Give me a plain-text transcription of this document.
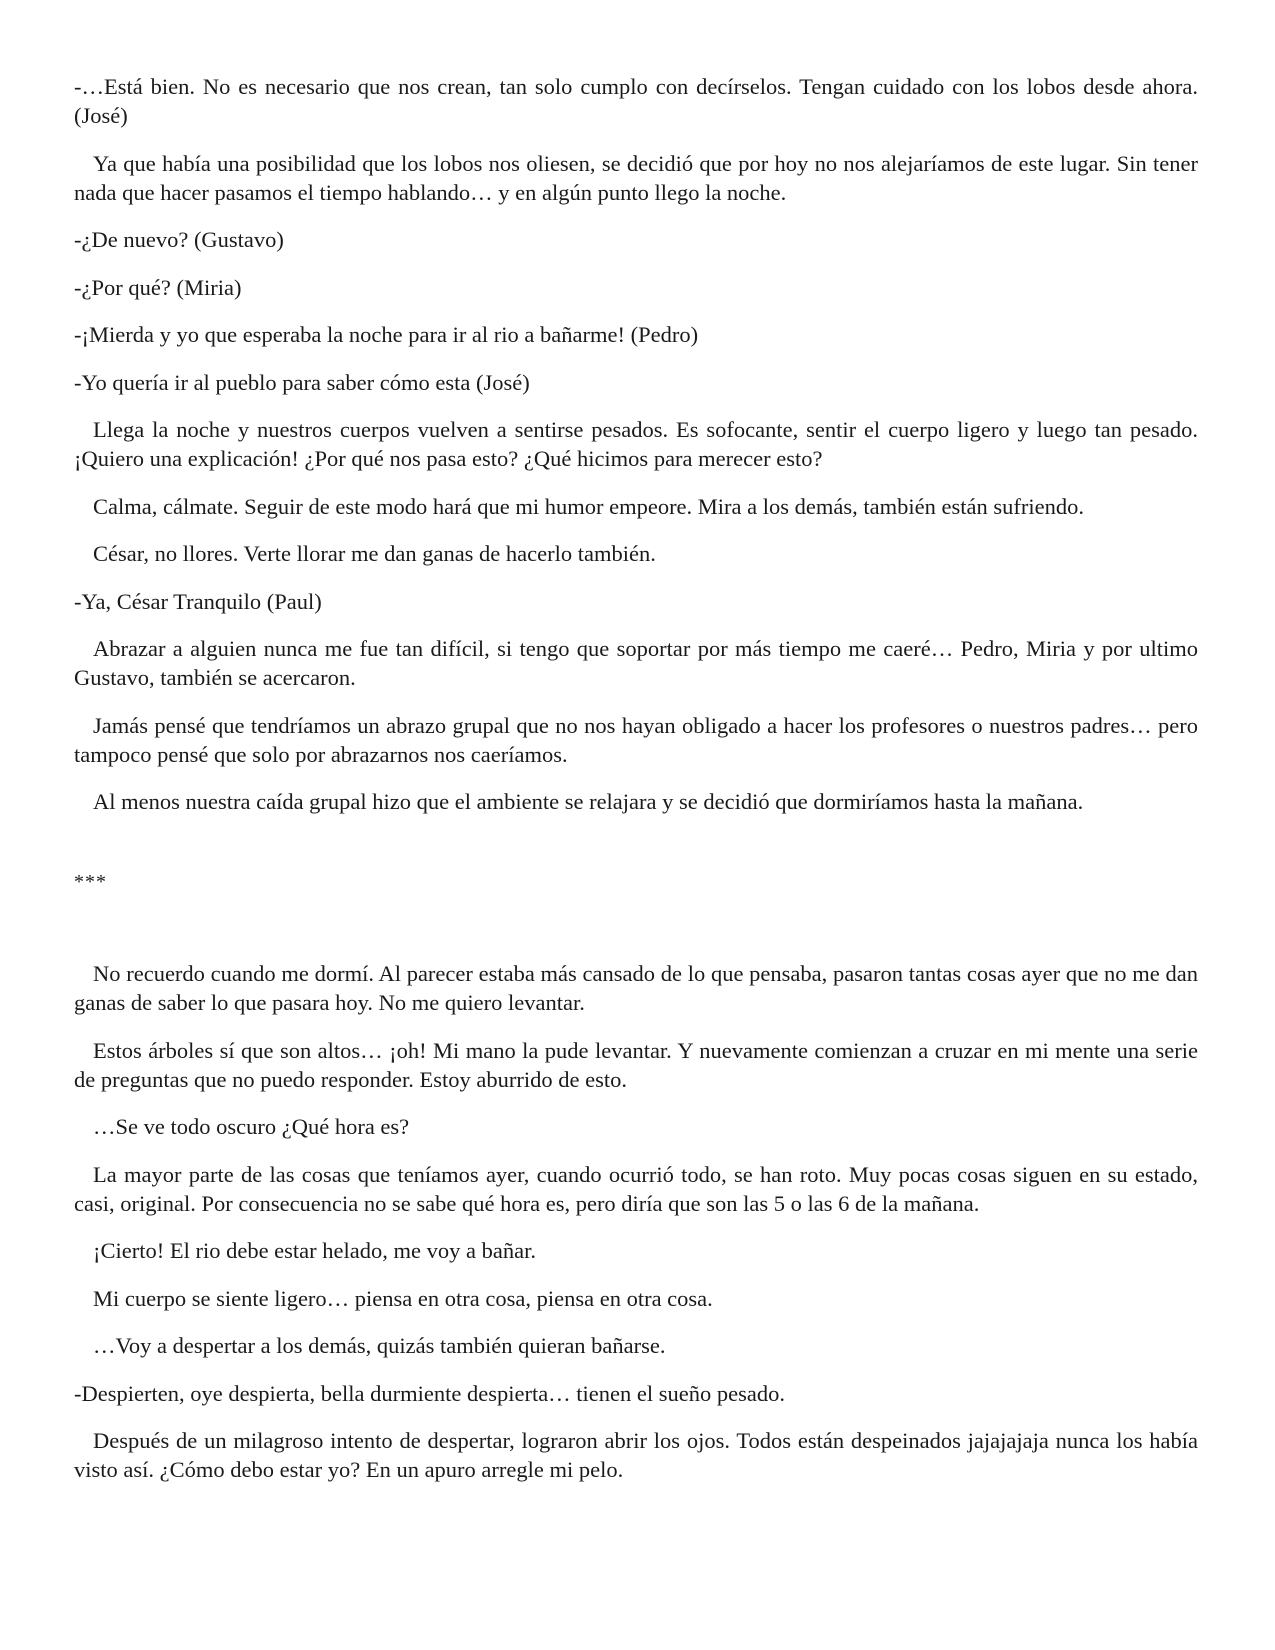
-…Está bien. No es necesario que nos crean, tan solo cumplo con decírselos. Tengan cuidado con los lobos desde ahora. (José)

Ya que había una posibilidad que los lobos nos oliesen, se decidió que por hoy no nos alejaríamos de este lugar. Sin tener nada que hacer pasamos el tiempo hablando… y en algún punto llego la noche.

-¿De nuevo? (Gustavo)

-¿Por qué? (Miria)

-¡Mierda y yo que esperaba la noche para ir al rio a bañarme! (Pedro)

-Yo quería ir al pueblo para saber cómo esta (José)

Llega la noche y nuestros cuerpos vuelven a sentirse pesados. Es sofocante, sentir el cuerpo ligero y luego tan pesado. ¡Quiero una explicación! ¿Por qué nos pasa esto? ¿Qué hicimos para merecer esto?

Calma, cálmate. Seguir de este modo hará que mi humor empeore. Mira a los demás, también están sufriendo.

César, no llores. Verte llorar me dan ganas de hacerlo también.

-Ya, César Tranquilo (Paul)

Abrazar a alguien nunca me fue tan difícil, si tengo que soportar por más tiempo me caeré… Pedro, Miria y por ultimo Gustavo, también se acercaron.

Jamás pensé que tendríamos un abrazo grupal que no nos hayan obligado a hacer los profesores o nuestros padres… pero tampoco pensé que solo por abrazarnos nos caeríamos.

Al menos nuestra caída grupal hizo que el ambiente se relajara y se decidió que dormiríamos hasta la mañana.

***

No recuerdo cuando me dormí. Al parecer estaba más cansado de lo que pensaba, pasaron tantas cosas ayer que no me dan ganas de saber lo que pasara hoy. No me quiero levantar.

Estos árboles sí que son altos… ¡oh! Mi mano la pude levantar. Y nuevamente comienzan a cruzar en mi mente una serie de preguntas que no puedo responder. Estoy aburrido de esto.

…Se ve todo oscuro ¿Qué hora es?

La mayor parte de las cosas que teníamos ayer, cuando ocurrió todo, se han roto. Muy pocas cosas siguen en su estado, casi, original. Por consecuencia no se sabe qué hora es, pero diría que son las 5 o las 6 de la mañana.

¡Cierto! El rio debe estar helado, me voy a bañar.

Mi cuerpo se siente ligero… piensa en otra cosa, piensa en otra cosa.

…Voy a despertar a los demás, quizás también quieran bañarse.

-Despierten, oye despierta, bella durmiente despierta… tienen el sueño pesado.

Después de un milagroso intento de despertar, lograron abrir los ojos. Todos están despeinados jajajajaja nunca los había visto así. ¿Cómo debo estar yo? En un apuro arregle mi pelo.
